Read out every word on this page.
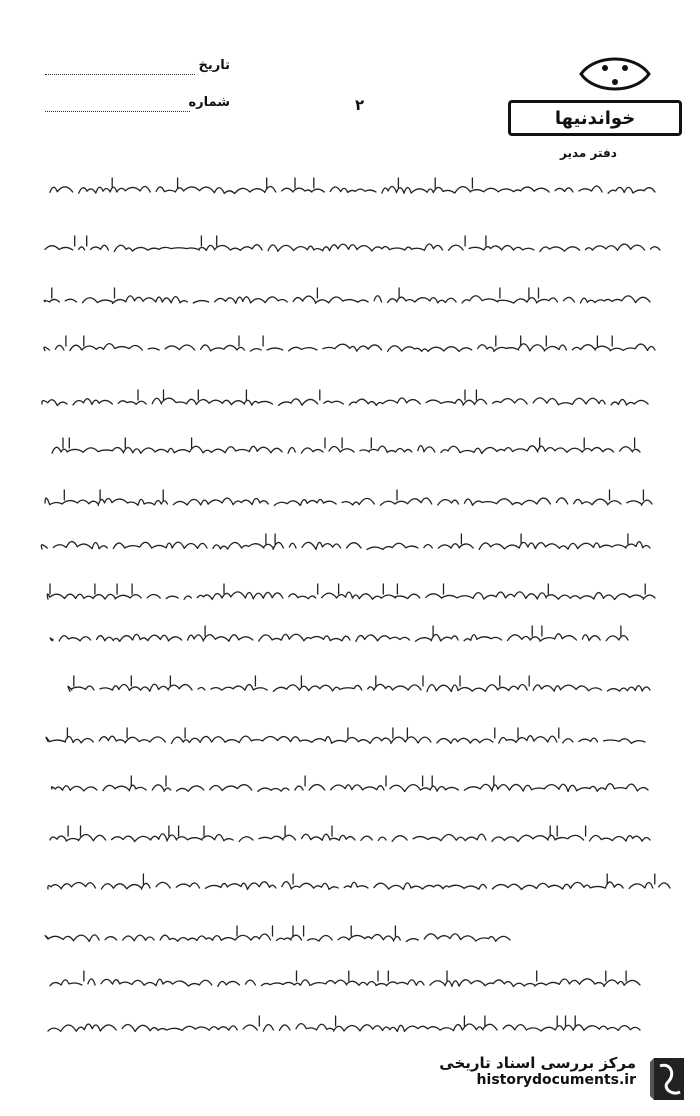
تاریخ
شماره	۲
خواندنیها
دفتر مدیر
مرکز بررسی اسناد تاریخی
historydocuments.ir
